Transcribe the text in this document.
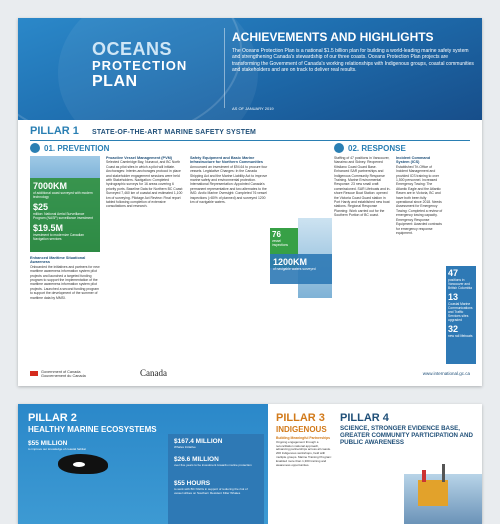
OCEANS
PROTECTION
PLAN
ACHIEVEMENTS AND HIGHLIGHTS
The Oceans Protection Plan is a national $1.5 billion plan for building a world-leading marine safety system and strengthening Canada's stewardship of our three coasts. Oceans Protection Plan projects are transforming the Government of Canada's working relationships with Indigenous groups, coastal communities and stakeholders and are on track to deliver real results.
AS OF JANUARY 2019
PILLAR 1 STATE-OF-THE-ART MARINE SAFETY SYSTEM
01. PREVENTION	02. RESPONSE
7000KM
of additional coast surveyed with modern technology
$25
million: National Aerial Surveillance Program (NASP) surveillance investment
$19.5M
investment to modernize Canadian Navigation services
Enhanced Maritime Situational Awareness
Onboarded the initiatives and partners for new maritime awareness information system pilot projects and launched a targeted funding program to support the implementation of the maritime awareness information system pilot projects. Launched a second funding program to support the development of the summer of maritime data by MMSI.
Proactive Vessel Management (PVM)
Selected Cambridge Bay, Nunavut, and BC North Coast as pilot sites in which a pilot will initiate. Anchorages: Interim-anchorages protocol in place and stakeholder engagement sessions were held with Stakeholders. Navigation: Completed hydrographic surveys for 16 areas covering 6 priority ports. Baseline Data for Northern BC Coast: Surveyed 7,460 km of coastal and estimated 1,100 km of surveying. Pilotage Act Review: Final report tabled following completion of extensive consultations and research.
Safety Equipment and Basic Marine Infrastructure for Northern Communities
Announced an investment of $94.64 to procure four vessels. Legislative Changes: In the Canada Shipping Act and the Marine Liability Act to improve marine safety and environmental protection. International Representation: Appointed Canada's permanent representative and two alternates to the IMO. Arctic Marine Oversight: Completed 76 vessel inspections (>80% of planned) and surveyed 1200 km of navigable waters.
76
vessel inspections
1200KM
of navigable waters surveyed
Staffing of 47 positions in Vancouver, Nanaimo and Sidney. Reopened Kitsilano Coast Guard Base. Enhanced SAR partnerships and Indigenous Community Response Training. Marine Environmental Response: 23 new small craft commissioned. SAR Lifeboats and in-shore Rescue Boat Station: opened the Victoria Coast Guard station in Port Hardy and established new boat stations. Regional Response Planning: Work carried out for the Southern Portion of BC coast.
Incident Command System (ICS)
Established Tri-Office of Incident Management and provided ICS training to over 1,500 personnel. Increased Emergency Towing: The Atlantic Eagle and the Atlantic Raven are in Victoria, BC and have both been fully operational since 2018. Needs Assessment for Emergency Towing: Completed a review of emergency towing capacity. Emergency Response Equipment: Awarded contracts for emergency response equipment.
47
positions in Vancouver and British Columbia
13
Coastal Marine Communications and Traffic Services sites upgraded
32
new rail lifeboats
Government of Canada
Gouvernement du Canada	Canada	www.international.gc.ca
PILLAR 2
HEALTHY MARINE ECOSYSTEMS
$55 MILLION
to improve our knowledge of coastal habitat
$167.4 MILLION
Whales Initiative
$26.6 MILLION
over five years to be investment towards marine protection
$55 HOURS
to work with BC NGOs in support of reducing the risk of vessel strikes on Southern Resident Killer Whales
PILLAR 3
INDIGENOUS
Building Meaningful Partnerships
Ongoing engagement through a reconciliation national approach, advancing partnerships across all coasts. 200 Indigenous workshops, held with multiple groups. Marine Training Program: Enabled more than 1,300 training and awareness opportunities.
PILLAR 4
SCIENCE, STRONGER EVIDENCE BASE, GREATER COMMUNITY PARTICIPATION AND PUBLIC AWARENESS
